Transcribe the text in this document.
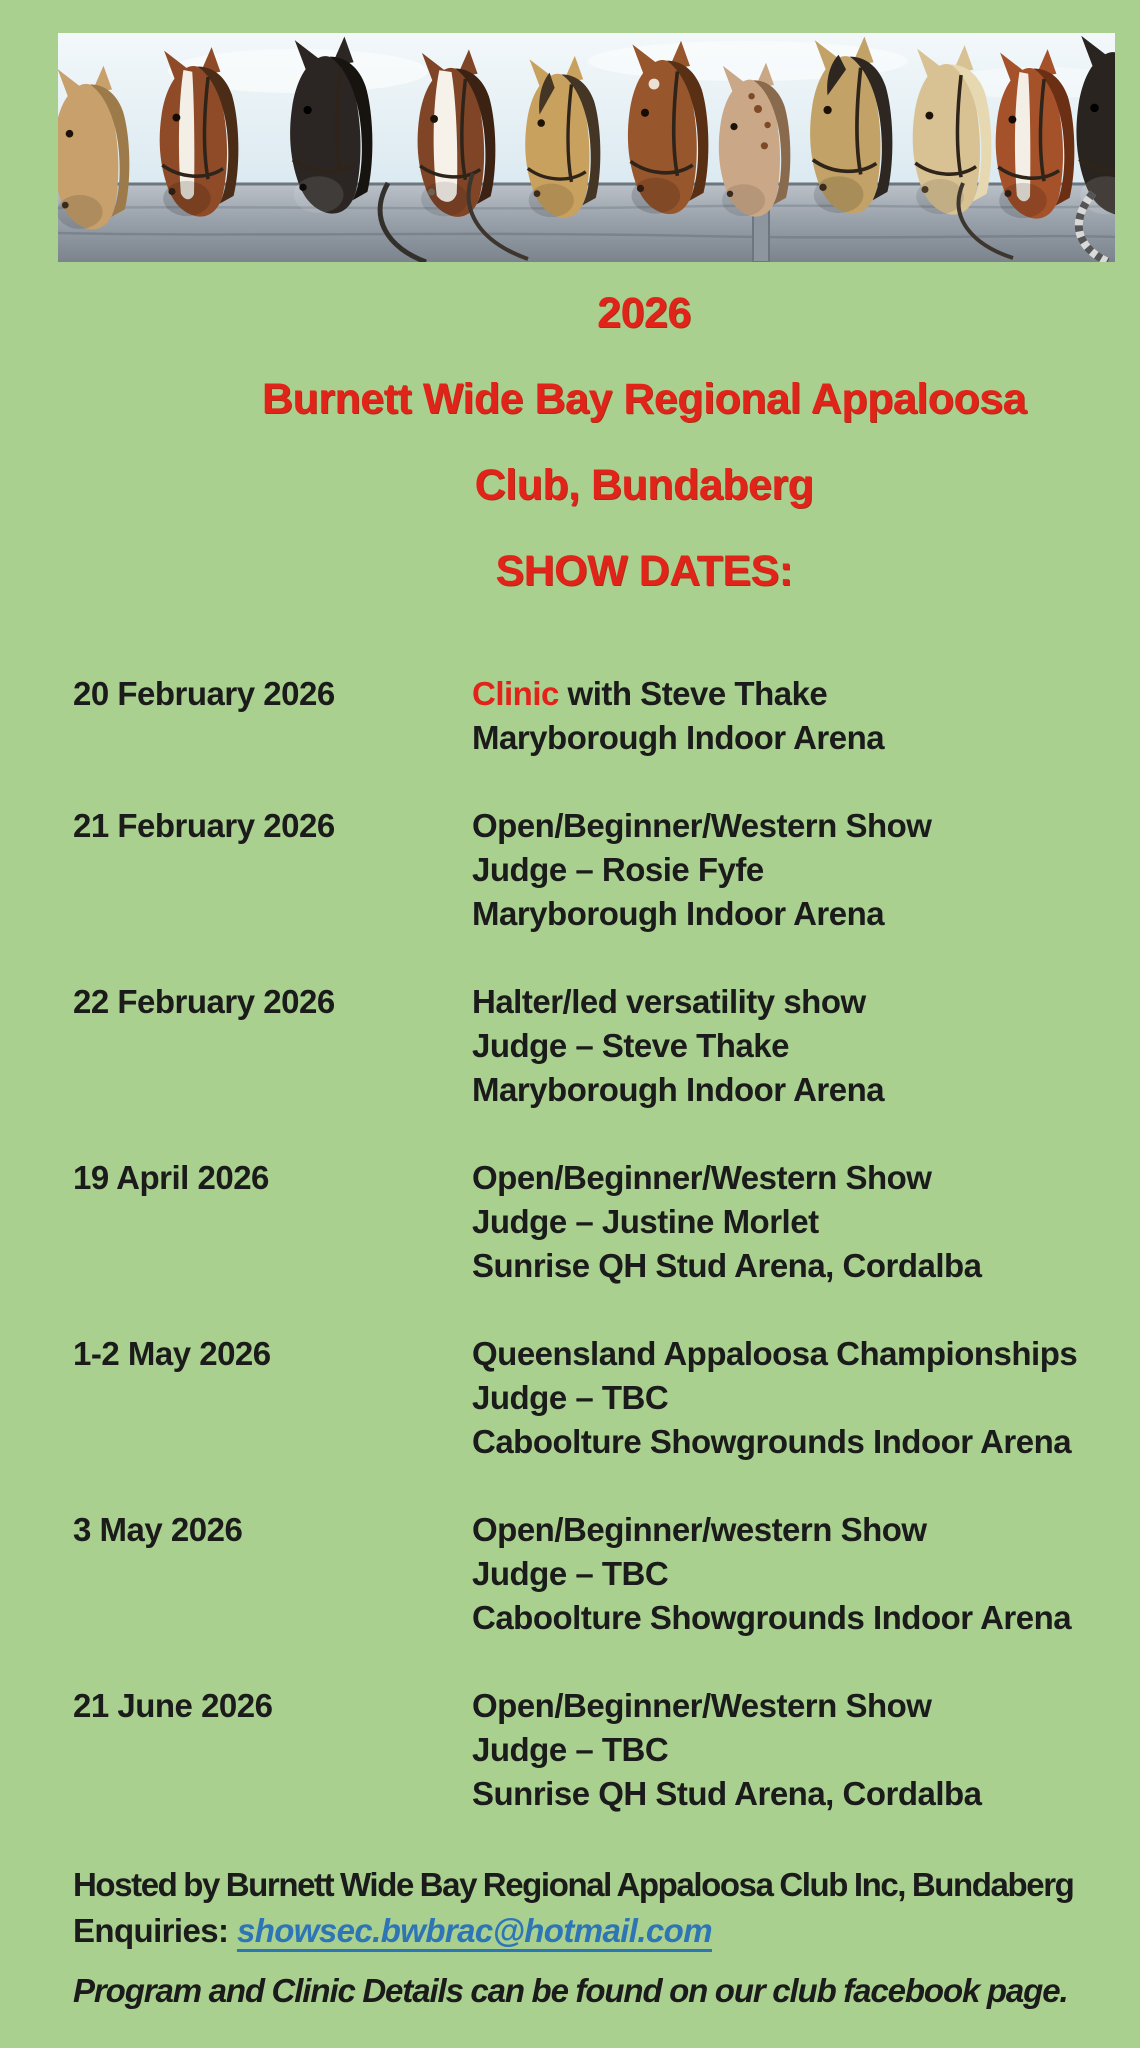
2026
Burnett Wide Bay Regional Appaloosa
Club, Bundaberg
SHOW DATES:
20 February 2026	Clinic with Steve Thake
Maryborough Indoor Arena
21 February 2026	Open/Beginner/Western Show
Judge – Rosie Fyfe
Maryborough Indoor Arena
22 February 2026	Halter/led versatility show
Judge – Steve Thake
Maryborough Indoor Arena
19 April 2026	Open/Beginner/Western Show
Judge – Justine Morlet
Sunrise QH Stud Arena, Cordalba
1-2 May 2026	Queensland Appaloosa Championships
Judge – TBC
Caboolture Showgrounds Indoor Arena
3 May 2026	Open/Beginner/western Show
Judge – TBC
Caboolture Showgrounds Indoor Arena
21 June 2026	Open/Beginner/Western Show
Judge – TBC
Sunrise QH Stud Arena, Cordalba
Hosted by Burnett Wide Bay Regional Appaloosa Club Inc, Bundaberg
Enquiries: showsec.bwbrac@hotmail.com
Program and Clinic Details can be found on our club facebook page.
